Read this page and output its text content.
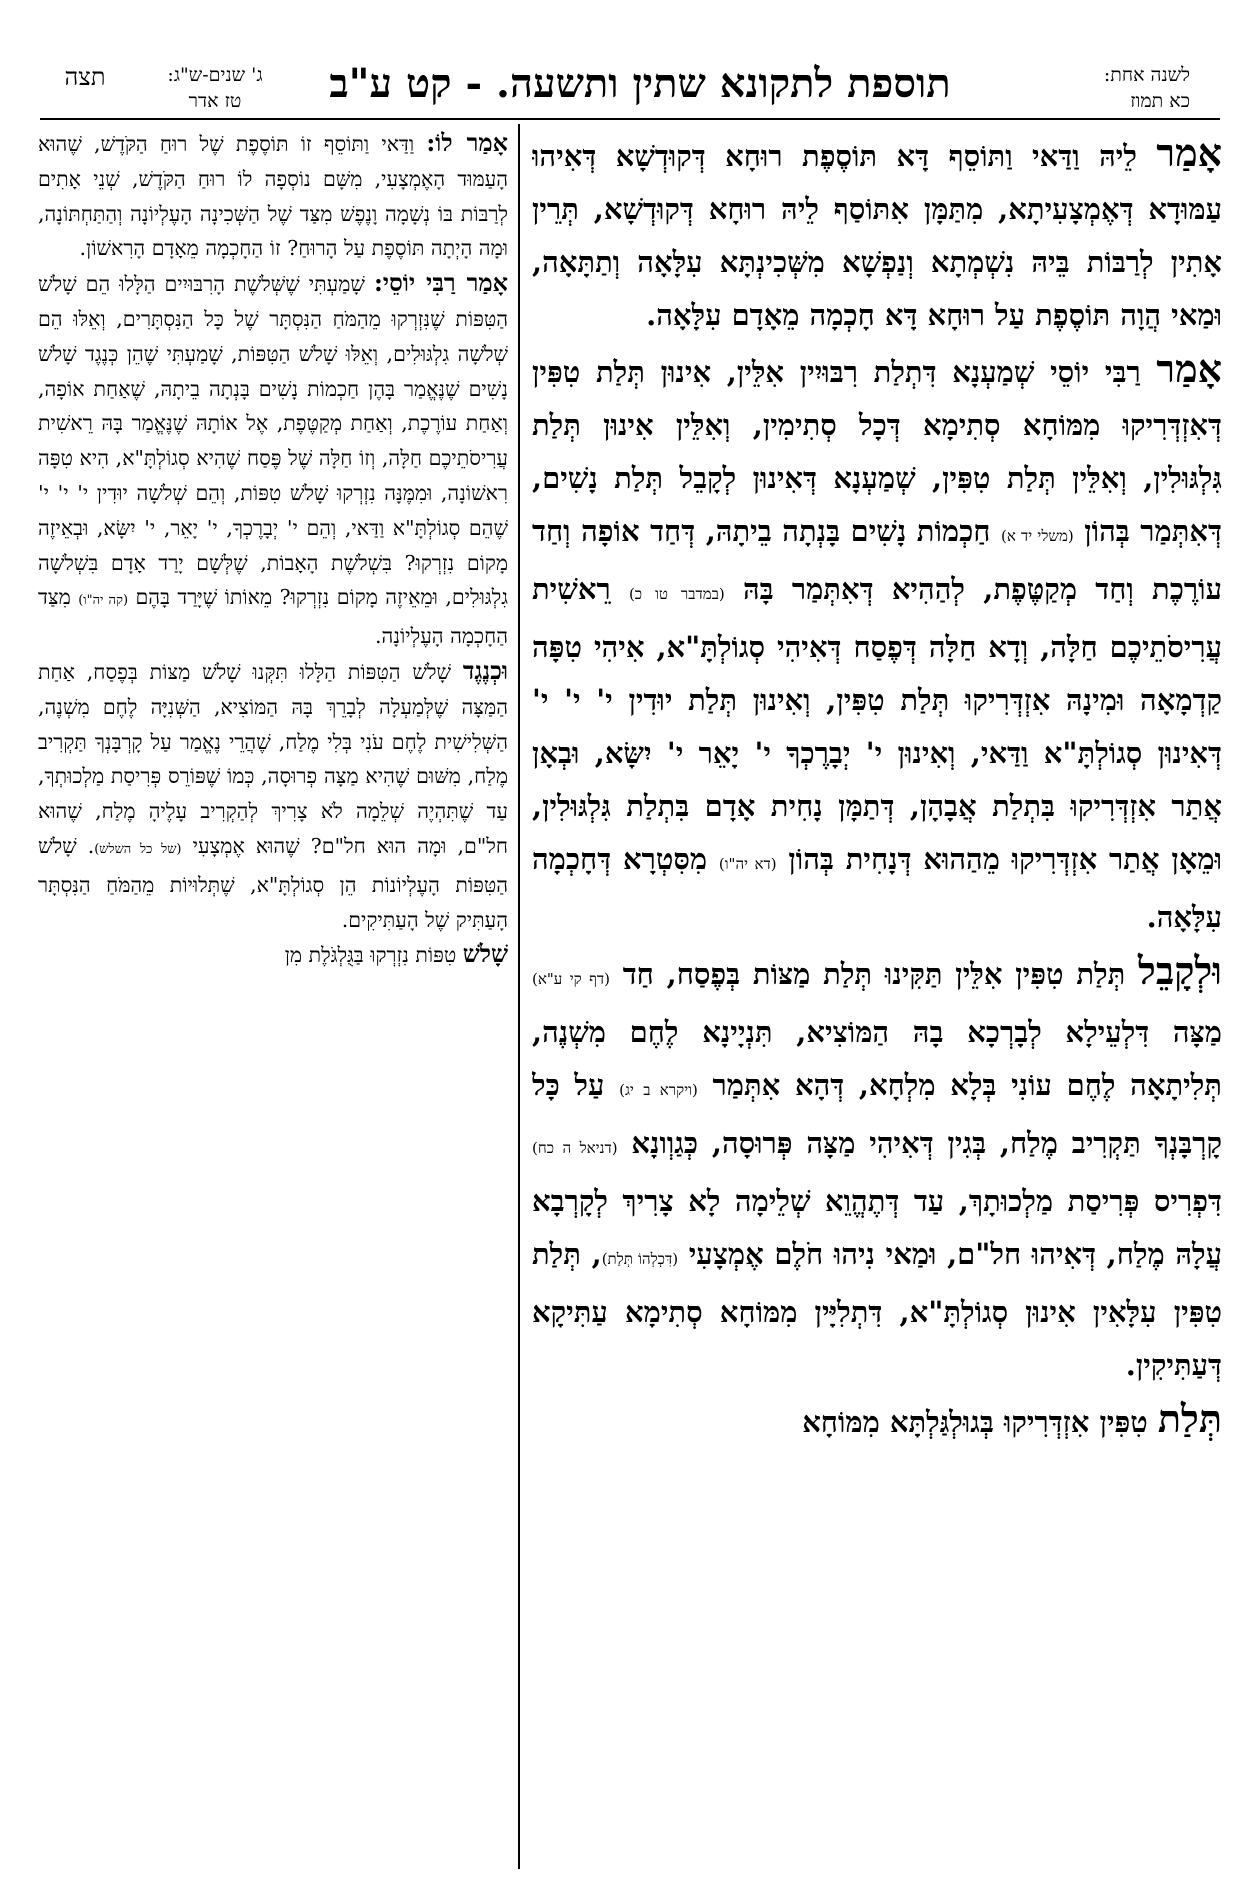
לשנה אחת:
כא תמוז
תוספת לתקונא שתין ותשעה. - קט ע"ב
ג' שנים-ש"ג:
טז אדר
תצה

אָמַר לֵיהּ וַדַּאי וַתּוֹסֵף דָּא תּוֹסֶפֶת רוּחָא דְּקוּדְשָׁא דְּאִיהוּ עַמּוּדָא דְּאֶמְצָעִיתָא, מִתַּמָּן אִתּוֹסַף לֵיהּ רוּחָא דְּקוּדְשָׁא, תְּרֵין אָתִין לְרַבּוֹת בֵּיהּ נִשְׁמְתָא וְנַפְשָׁא מִשְּׁכִינְתָּא עִלָּאָה וְתַתָּאָה, וּמַאי הֲוָה תּוֹסֶפֶת עַל רוּחָא דָּא חָכְמָה מֵאָדָם עִלָּאָה.

אָמַר רַבִּי יוֹסֵי שְׁמַעְנָא דִּתְלַת רִבּוּיִין אִלֵּין, אִינוּן תְּלַת טִפִּין דְּאִזְדְּרִיקוּ מִמּוֹחָא סְתִימָא דְּכָל סְתִימִין, וְאִלֵּין אִינוּן תְּלַת גִּלְגּוּלִין, וְאִלֵּין תְּלַת טִפִּין, שְׁמַעְנָא דְּאִינוּן לְקָבֵל תְּלַת נָשִׁים, דְּאִתְּמַר בְּהוֹן (משלי יד א) חַכְמוֹת נָשִׁים בָּנְתָה בֵיתָהּ, דְּחַד אוֹפָה וְחַד עוֹרֶכֶת וְחַד מְקַטֶּפֶת, לְהַהִיא דְּאִתְּמַר בָּהּ (במדבר טו כ) רֵאשִׁית עֲרִיסֹתֵיכֶם חַלָּה, וְדָא חַלָּה דְּפֶסַח דְּאִיהִי סְגוֹלְתָּ"א, אִיהִי טִפָּה קַדְמָאָה וּמִינָהּ אִזְדְּרִיקוּ תְּלַת טִפִּין, וְאִינוּן תְּלַת יוּדִין י' י' י' דְּאִינוּן סְגוֹלְתָּ"א וַדַּאי, וְאִינוּן י' יְבָרֶכְךָ י' יָאֵר י' יִשָּׂא, וּבְאָן אֲתַר אִזְדְּרִיקוּ בִּתְלַת אֲבָהָן, דְּתַמָּן נָחִית אָדָם בִּתְלַת גִּלְגּוּלִין, וּמֵאָן אֲתַר אִזְדְּרִיקוּ מֵהַהוּא דְּנָחִית בְּהוֹן (דא יה"ו) מִסִּטְרָא דְּחָכְמָה עִלָּאָה.

וּלְקָבֵל תְּלַת טִפִּין אִלֵּין תַּקִּינוּ תְּלַת מַצּוֹת בְּפֶסַח, חַד (דף קי ע"א) מַצָּה דִּלְעֵילָא לְבָרְכָא בָהּ הַמּוֹצִיא, תִּנְיָינָא לֶחֶם מִשְׁנֶה, תְּלִיתָאָה לֶחֶם עוֹנִי בְּלָא מִלְחָא, דְּהָא אִתְּמַר (ויקרא ב יג) עַל כָּל קָרְבָּנְךָ תַּקְרִיב מֶלַח, בְּגִין דְּאִיהִי מַצָּה פְּרוּסָה, כְּגַוְונָא (דניאל ה כח) דִּפְרִיס פְּרִיסַת מַלְכוּתָךְ, עַד דְּתֶהֱוֵא שְׁלֵימָה לָא צָרִיךְ לְקָרְבָא עֲלָהּ מֶלַח, דְּאִיהוּ חל"ם, וּמַאי נִיהוּ חֹלֶם אֶמְצָעִי (דִּכְלְהוֹ תְּלַת), תְּלַת טִפִּין עִלָּאִין אִינוּן סְגוֹלְתָּ"א, דִּתְלִיָּין מִמּוֹחָא סְתִימָא עַתִּיקָא דְּעַתִּיקִין.

תְּלַת טִפִּין אִזְדְּרִיקוּ בְּגוּלְגַּלְתָּא מִמּוֹחָא

אָמַר לוֹ: וַדַּאי וַתּוֹסֵף זוֹ תּוֹסֶפֶת שֶׁל רוּחַ הַקֹּדֶשׁ, שֶׁהוּא הָעַמּוּד הָאֶמְצָעִי, מִשָּׁם נוֹסְפָה לוֹ רוּחַ הַקֹּדֶשׁ, שְׁנֵי אָתִים לְרַבּוֹת בּוֹ נְשָׁמָה וָנֶפֶשׁ מִצַּד שֶׁל הַשְּׁכִינָה הָעֶלְיוֹנָה וְהַתַּחְתּוֹנָה, וּמָה הָיְתָה תּוֹסֶפֶת עַל הָרוּחַ? זוֹ הַחָכְמָה מֵאָדָם הָרִאשׁוֹן.

אָמַר רַבִּי יוֹסֵי: שָׁמַעְתִּי שֶׁשְּׁלֹשֶׁת הָרִבּוּיִים הַלָּלוּ הֵם שָׁלֹשׁ הַטִּפּוֹת שֶׁנִּזְרְקוּ מֵהַמֹּחַ הַנִּסְתָּר שֶׁל כָּל הַנִּסְתָּרִים, וְאֵלּוּ הֵם שְׁלֹשָׁה גִלְגּוּלִים, וְאֵלּוּ שָׁלֹשׁ הַטִּפּוֹת, שָׁמַעְתִּי שֶׁהֵן כְּנֶגֶד שָׁלֹשׁ נָשִׁים שֶׁנֶּאֱמַר בָּהֶן חַכְמוֹת נָשִׁים בָּנְתָה בֵיתָהּ, שֶׁאַחַת אוֹפָה, וְאַחַת עוֹרֶכֶת, וְאַחַת מְקַטֶּפֶת, אֶל אוֹתָהּ שֶׁנֶּאֱמַר בָּהּ רֵאשִׁית עֲרִיסֹתֵיכֶם חַלָּה, וְזוֹ חַלָּה שֶׁל פֶּסַח שֶׁהִיא סְגוֹלְתָּ"א, הִיא טִפָּה רִאשׁוֹנָה, וּמִמֶּנָּה נִזְרְקוּ שָׁלֹשׁ טִפּוֹת, וְהֵם שְׁלֹשָׁה יוּדִין י' י' י' שֶׁהֵם סְגוֹלְתָּ"א וַדַּאי, וְהֵם י' יְבָרֶכְךָ, י' יָאֵר, י' יִשָּׂא, וּבְאֵיזֶה מָקוֹם נִזְרְקוּ? בִּשְׁלֹשֶׁת הָאָבוֹת, שֶׁלְּשָׁם יָרַד אָדָם בִּשְׁלֹשָׁה גִלְגּוּלִים, וּמֵאֵיזֶה מָקוֹם נִזְרְקוּ? מֵאוֹתוֹ שֶׁיָּרַד בָּהֶם (קה יה"ו) מִצַּד הַחָכְמָה הָעֶלְיוֹנָה.

וּכְנֶגֶד שָׁלֹשׁ הַטִּפּוֹת הַלָּלוּ תִּקְּנוּ שָׁלֹשׁ מַצּוֹת בְּפֶסַח, אַחַת הַמַּצָּה שֶׁלְּמַעְלָה לְבָרֵךְ בָּהּ הַמּוֹצִיא, הַשְּׁנִיָּה לֶחֶם מִשְׁנֶה, הַשְּׁלִישִׁית לֶחֶם עֹנִי בְּלִי מֶלַח, שֶׁהֲרֵי נֶאֱמַר עַל קָרְבָּנְךָ תַּקְרִיב מֶלַח, מִשּׁוּם שֶׁהִיא מַצָּה פְרוּסָה, כְּמוֹ שֶׁפּוֹרֵס פְּרִיסַת מַלְכוּתְךָ, עַד שֶׁתִּהְיֶה שְׁלֵמָה לֹא צָרִיךְ לְהַקְרִיב עָלֶיהָ מֶלַח, שֶׁהוּא חל"ם, וּמָה הוּא חל"ם? שֶׁהוּא אֶמְצָעִי (של כל השלש). שָׁלֹשׁ הַטִּפּוֹת הָעֶלְיוֹנוֹת הֵן סְגוֹלְתָּ"א, שֶׁתְּלוּיוֹת מֵהַמֹּחַ הַנִּסְתָּר הָעַתִּיק שֶׁל הָעַתִּיקִים.

שָׁלֹשׁ טִפּוֹת נִזְרְקוּ בַּגֻּלְגֹּלֶת מִן
